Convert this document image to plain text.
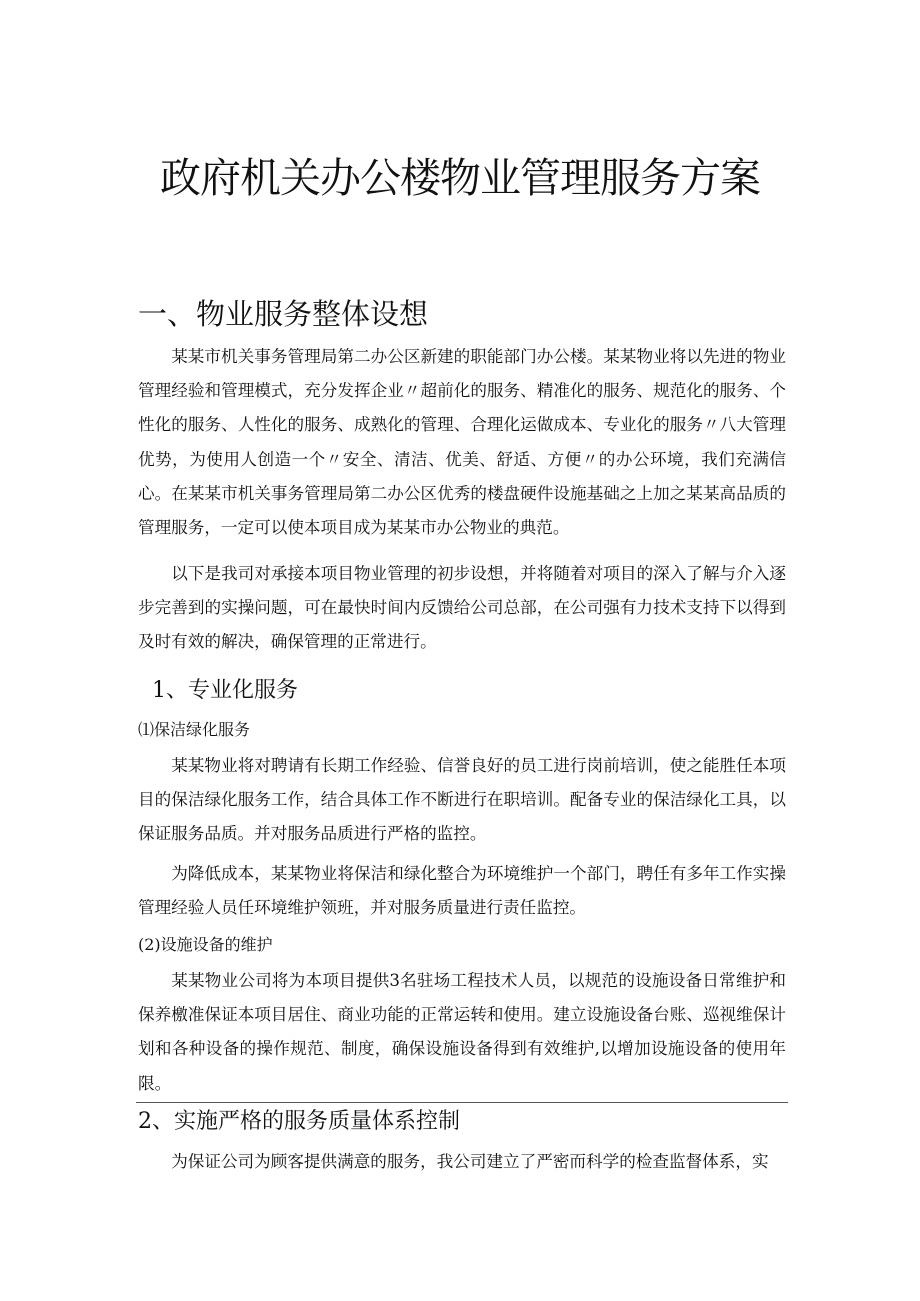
政府机关办公楼物业管理服务方案
一、物业服务整体设想

某某市机关事务管理局第二办公区新建的职能部门办公楼。某某物业将以先进的物业管理经验和管理模式，充分发挥企业〃超前化的服务、精准化的服务、规范化的服务、个性化的服务、人性化的服务、成熟化的管理、合理化运做成本、专业化的服务〃八大管理优势，为使用人创造一个〃安全、清洁、优美、舒适、方便〃的办公环境，我们充满信心。在某某市机关事务管理局第二办公区优秀的楼盘硬件设施基础之上加之某某高品质的管理服务，一定可以使本项目成为某某市办公物业的典范。

以下是我司对承接本项目物业管理的初步设想，并将随着对项目的深入了解与介入逐步完善到的实操问题，可在最快时间内反馈给公司总部，在公司强有力技术支持下以得到及时有效的解决，确保管理的正常进行。

1、专业化服务
⑴保洁绿化服务

某某物业将对聘请有长期工作经验、信誉良好的员工进行岗前培训，使之能胜任本项目的保洁绿化服务工作，结合具体工作不断进行在职培训。配备专业的保洁绿化工具，以保证服务品质。并对服务品质进行严格的监控。

为降低成本，某某物业将保洁和绿化整合为环境维护一个部门，聘任有多年工作实操管理经验人员任环境维护领班，并对服务质量进行责任监控。

(2)设施设备的维护

某某物业公司将为本项目提供3名驻场工程技术人员，以规范的设施设备日常维护和保养檄准保证本项目居住、商业功能的正常运转和使用。建立设施设备台账、巡视维保计划和各种设备的操作规范、制度，确保设施设备得到有效维护,以增加设施设备的使用年限。

2、实施严格的服务质量体系控制

为保证公司为顾客提供满意的服务，我公司建立了严密而科学的检查监督体系，实
